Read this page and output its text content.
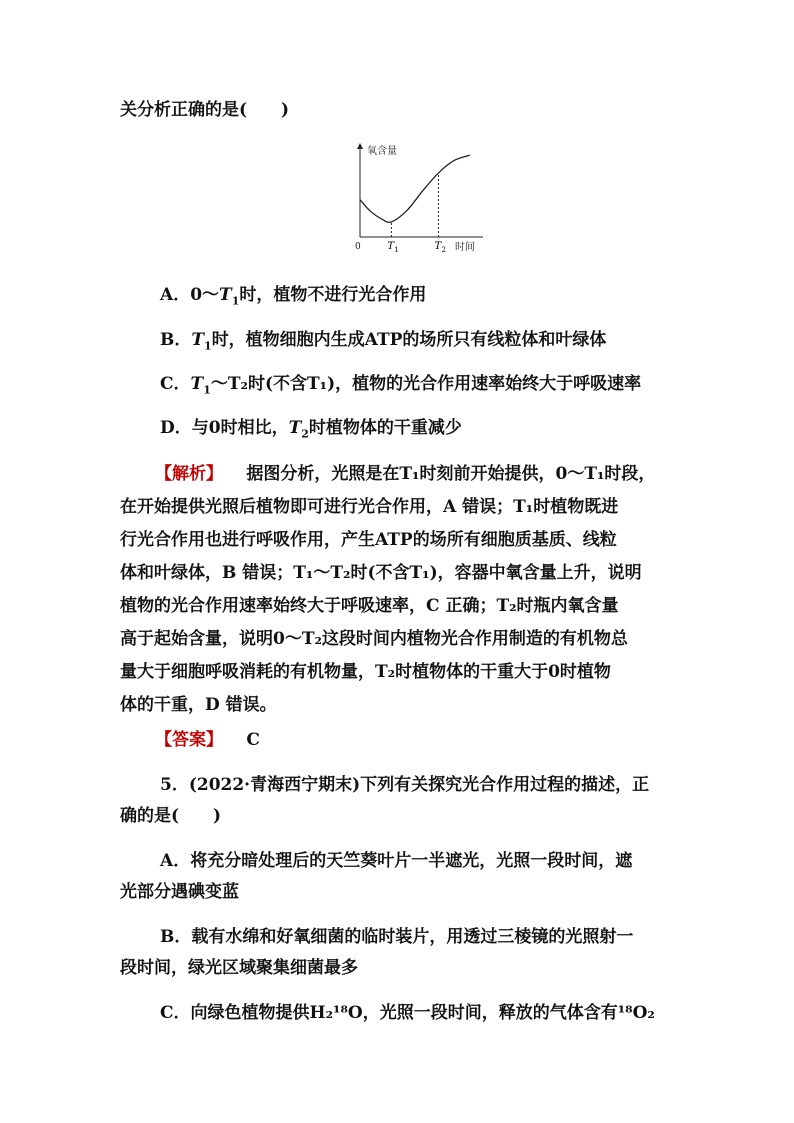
关分析正确的是(　　)
氧含量
0	时间
T 1	T 2
A．$0\sim T_1$时，植物不进行光合作用
B．$T_1$时，植物细胞内生成ATP的场所只有线粒体和叶绿体
C．$T_1\sim T_2$时(不含T₁)，植物的光合作用速率始终大于呼吸速率
D．与0时相比，$T_2$时植物体的干重减少
【解析】 据图分析，光照是在T₁时刻前开始提供，0～T₁时段，
在开始提供光照后植物即可进行光合作用，A 错误；T₁时植物既进
行光合作用也进行呼吸作用，产生ATP的场所有细胞质基质、线粒
体和叶绿体，B 错误；T₁～T₂时(不含T₁)，容器中氧含量上升，说明
植物的光合作用速率始终大于呼吸速率，C 正确；T₂时瓶内氧含量
高于起始含量，说明0～T₂这段时间内植物光合作用制造的有机物总
量大于细胞呼吸消耗的有机物量，T₂时植物体的干重大于0时植物
体的干重，D 错误。
【答案】 C
5．(2022·青海西宁期末)下列有关探究光合作用过程的描述，正
确的是(　　)
A．将充分暗处理后的天竺葵叶片一半遮光，光照一段时间，遮
光部分遇碘变蓝
B．载有水绵和好氧细菌的临时装片，用透过三棱镜的光照射一
段时间，绿光区域聚集细菌最多
C．向绿色植物提供H₂¹⁸O，光照一段时间，释放的气体含有¹⁸O₂
